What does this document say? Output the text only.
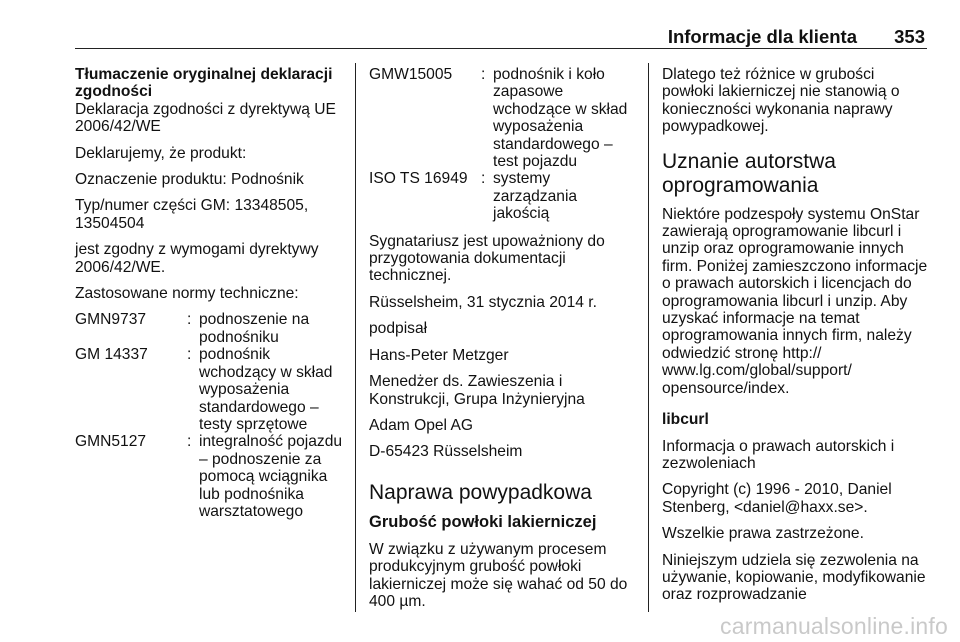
Informacje dla klienta 353

Tłumaczenie oryginalnej deklaracji zgodności

Deklaracja zgodności z dyrektywą UE 2006/42/WE

Deklarujemy, że produkt:

Oznaczenie produktu: Podnośnik

Typ/numer części GM: 13348505, 13504504

jest zgodny z wymogami dyrektywy 2006/42/WE.

Zastosowane normy techniczne:

GMN9737	: podnoszenie na podnośniku
GM 14337	: podnośnik wchodzący w skład wyposażenia standardowego – testy sprzętowe
GMN5127	: integralność pojazdu – podnoszenie za pomocą wciągnika lub podnośnika warsztatowego
GMW15005	: podnośnik i koło zapasowe wchodzące w skład wyposażenia standardowego – test pojazdu
ISO TS 16949 : systemy zarządzania jakością

Sygnatariusz jest upoważniony do przygotowania dokumentacji technicznej.

Rüsselsheim, 31 stycznia 2014 r.

podpisał

Hans-Peter Metzger

Menedżer ds. Zawieszenia i Konstrukcji, Grupa Inżynieryjna

Adam Opel AG

D-65423 Rüsselsheim

Naprawa powypadkowa
Grubość powłoki lakierniczej

W związku z używanym procesem produkcyjnym grubość powłoki lakierniczej może się wahać od 50 do 400 µm.

Dlatego też różnice w grubości powłoki lakierniczej nie stanowią o konieczności wykonania naprawy powypadkowej.

Uznanie autorstwa oprogramowania

Niektóre podzespoły systemu OnStar zawierają oprogramowanie libcurl i unzip oraz oprogramowanie innych firm. Poniżej zamieszczono informacje o prawach autorskich i licencjach do oprogramowania libcurl i unzip. Aby uzyskać informacje na temat oprogramowania innych firm, należy odwiedzić stronę http:// www.lg.com/global/support/ opensource/index.

libcurl

Informacja o prawach autorskich i zezwoleniach

Copyright (c) 1996 - 2010, Daniel Stenberg, <daniel@haxx.se>.

Wszelkie prawa zastrzeżone.

Niniejszym udziela się zezwolenia na używanie, kopiowanie, modyfikowanie oraz rozprowadzanie

carmanualsonline.info
